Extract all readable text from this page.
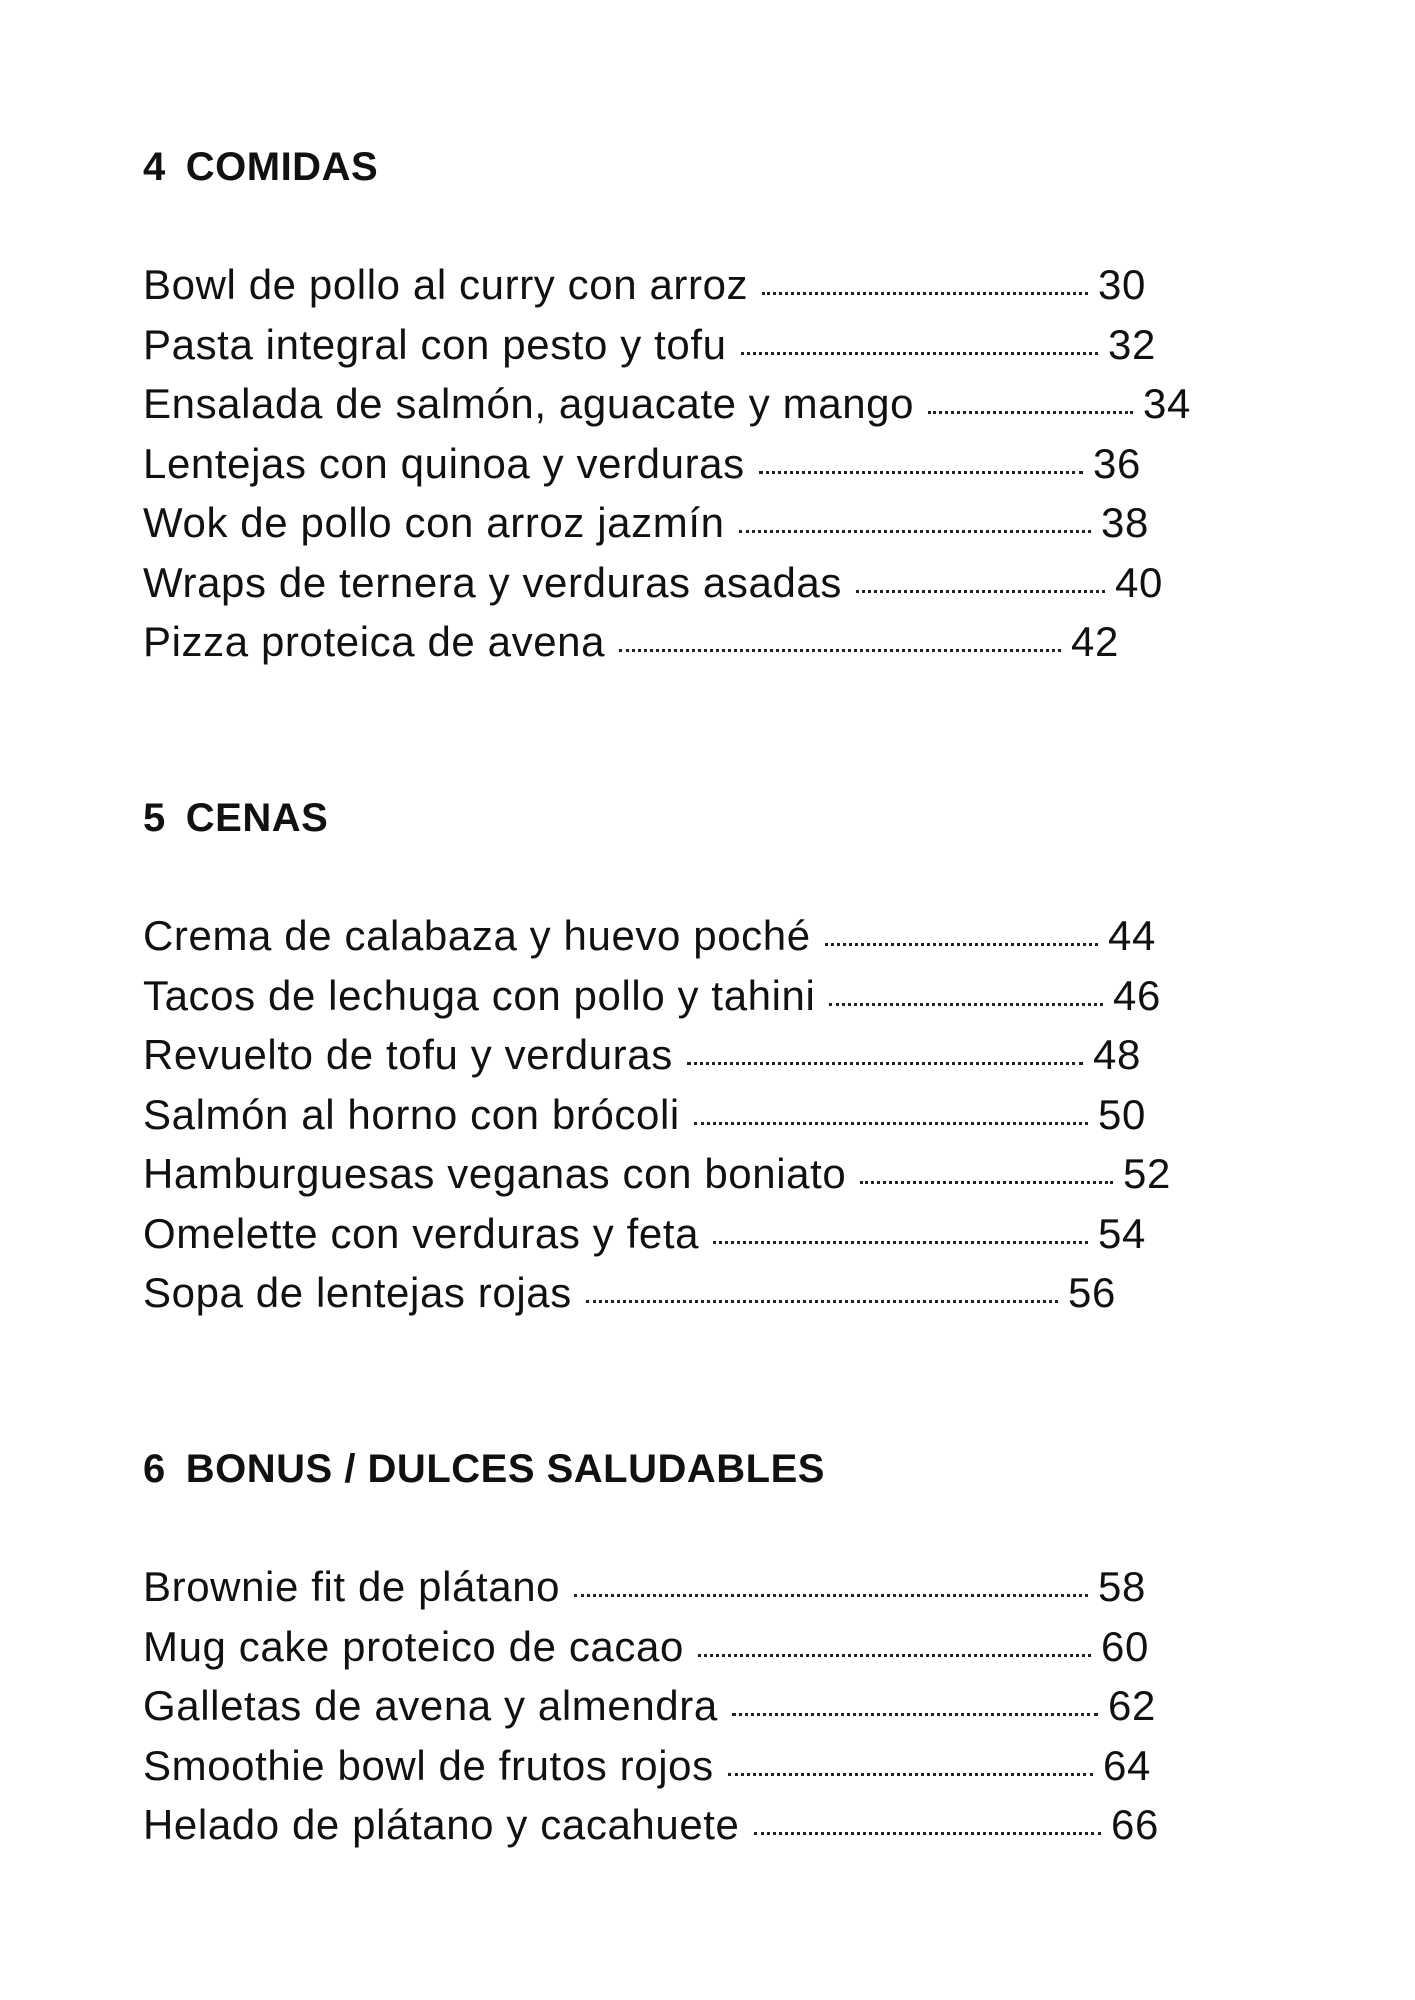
4 COMIDAS
Bowl de pollo al curry con arroz	30
Pasta integral con pesto y tofu	32
Ensalada de salmón, aguacate y mango	34
Lentejas con quinoa y verduras	36
Wok de pollo con arroz jazmín	38
Wraps de ternera y verduras asadas	40
Pizza proteica de avena	42
5 CENAS
Crema de calabaza y huevo poché	44
Tacos de lechuga con pollo y tahini	46
Revuelto de tofu y verduras	48
Salmón al horno con brócoli	50
Hamburguesas veganas con boniato	52
Omelette con verduras y feta	54
Sopa de lentejas rojas	56
6 BONUS / DULCES SALUDABLES
Brownie fit de plátano	58
Mug cake proteico de cacao	60
Galletas de avena y almendra	62
Smoothie bowl de frutos rojos	64
Helado de plátano y cacahuete	66
